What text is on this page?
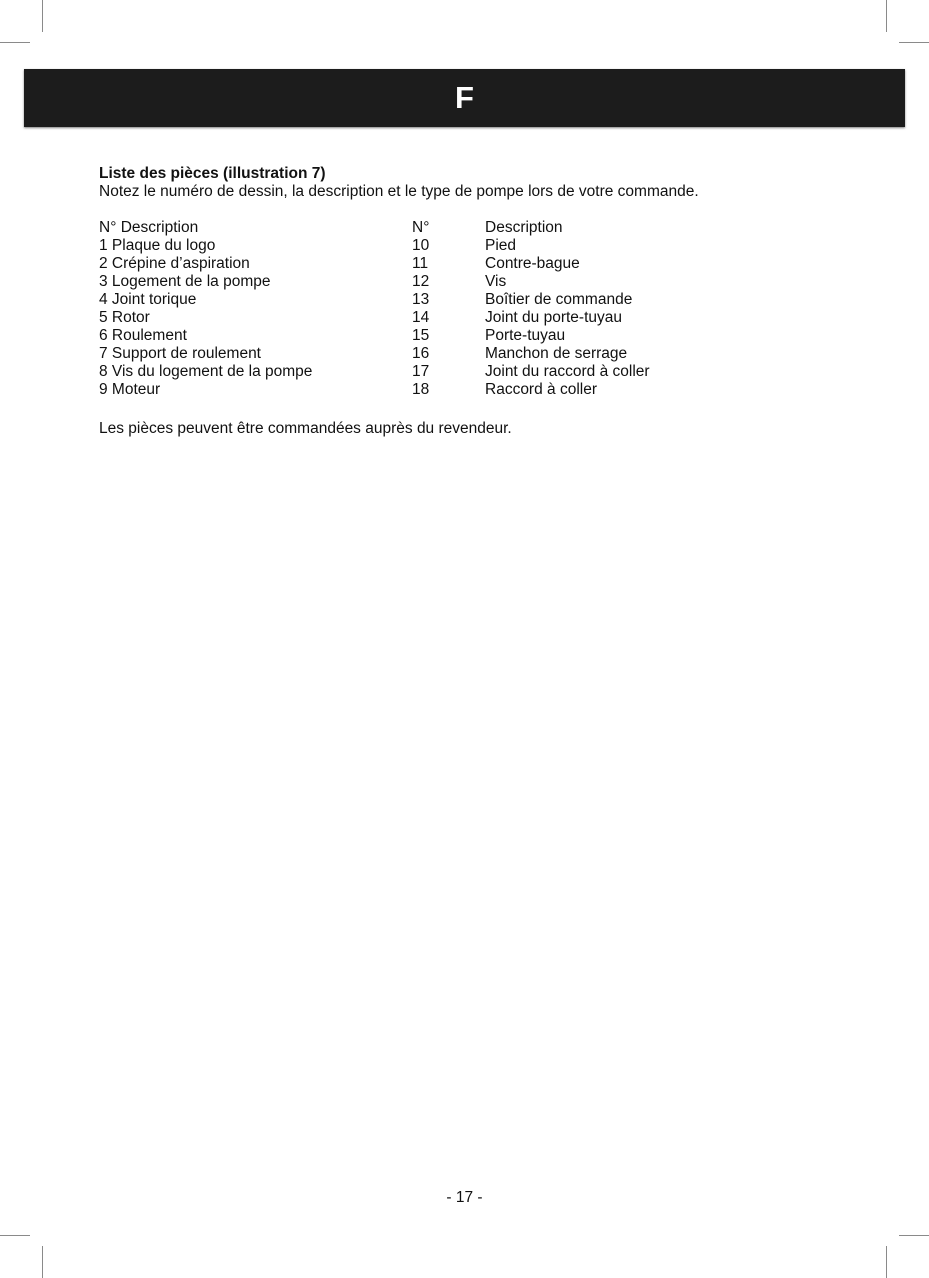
F
Liste des pièces (illustration 7)

Notez le numéro de dessin, la description et le type de pompe lors de votre commande.

N° Description
1 Plaque du logo
2 Crépine d’aspiration
3 Logement de la pompe
4 Joint torique
5 Rotor
6 Roulement
7 Support de roulement
8 Vis du logement de la pompe
9 Moteur
N°
10
11
12
13
14
15
16
17
18
Description
Pied
Contre-bague
Vis
Boîtier de commande
Joint du porte-tuyau
Porte-tuyau
Manchon de serrage
Joint du raccord à coller
Raccord à coller
Les pièces peuvent être commandées auprès du revendeur.
- 17 -
